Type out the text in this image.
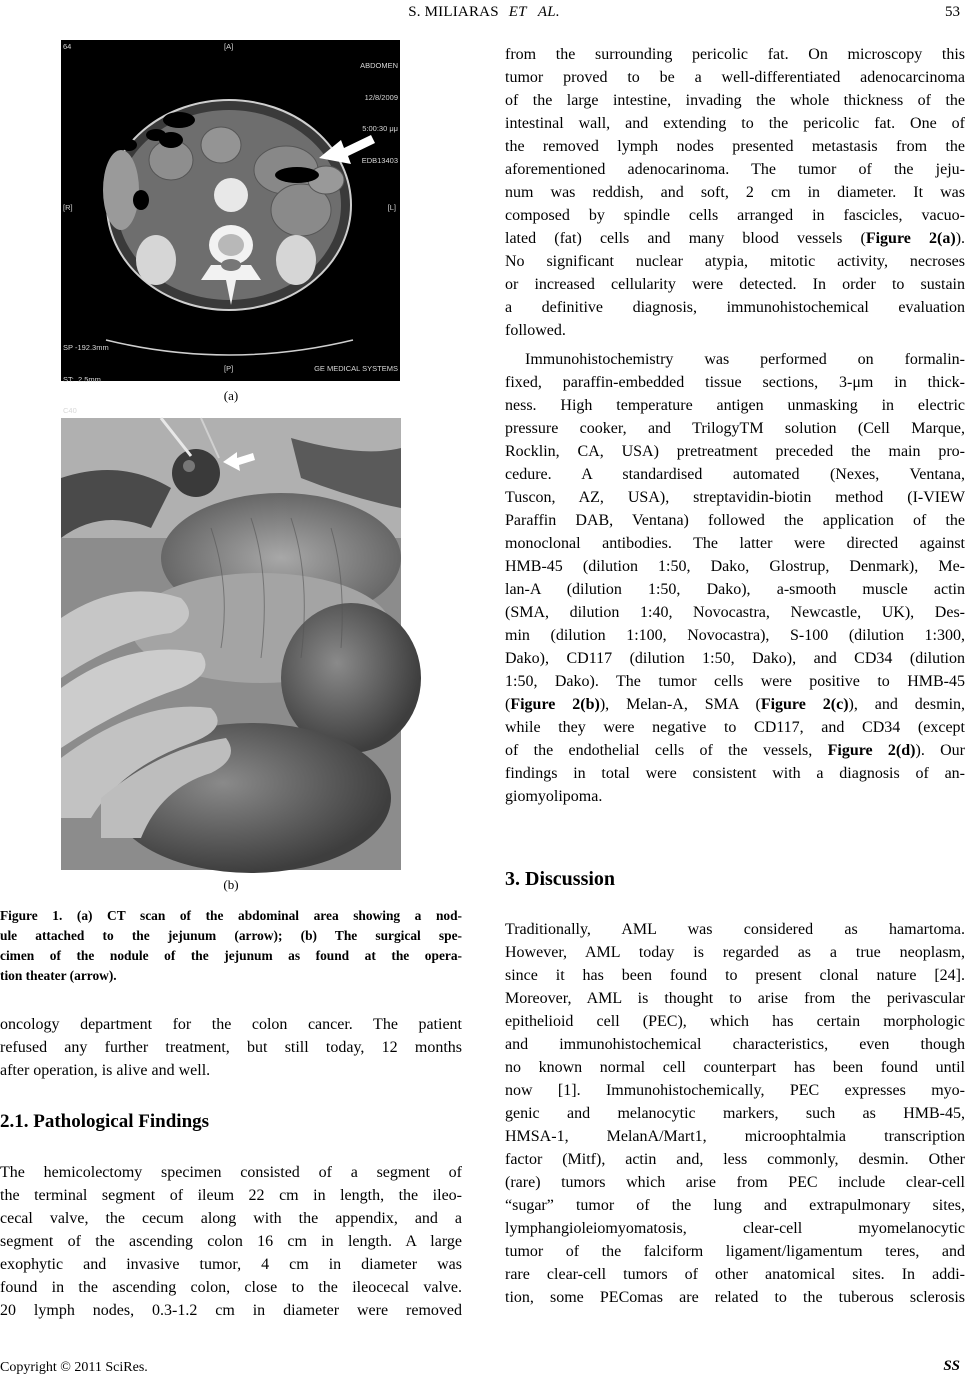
S. MILIARAS ET   AL.	53
64	[A]

ABDOMEN

12/8/2009

5:00:30 μμ

EDB13403

[R]	[L]

SP -192.3mm

ST:  2.5mm

C40

[P]	GE MEDICAL SYSTEMS
(a)
(b)
Figure 1. (a) CT scan of the abdominal area showing a nod-
ule attached to the jejunum (arrow); (b) The surgical spe-
cimen of the nodule of the jejunum as found at the opera-
tion theater (arrow).
oncology department for the colon cancer. The patient
refused any further treatment, but still today, 12 months
after operation, is alive and well.
2.1. Pathological Findings
The hemicolectomy specimen consisted of a segment of
the terminal segment of ileum 22 cm in length, the ileo-
cecal valve, the cecum along with the appendix, and a
segment of the ascending colon 16 cm in length. A large
exophytic and invasive tumor, 4 cm in diameter was
found in the ascending colon, close to the ileocecal valve.
20 lymph nodes, 0.3-1.2 cm in diameter were removed
from the surrounding pericolic fat. On microscopy this
tumor proved to be a well-differentiated adenocarcinoma
of the large intestine, invading the whole thickness of the
intestinal wall, and extending to the pericolic fat. One of
the removed lymph nodes presented metastasis from the
aforementioned adenocarinoma. The tumor of the jeju-
num was reddish, and soft, 2 cm in diameter. It was
composed by spindle cells arranged in fascicles, vacuo-
lated (fat) cells and many blood vessels (Figure 2(a)).
No significant nuclear atypia, mitotic activity, necroses
or increased cellularity were detected. In order to sustain
a definitive diagnosis, immunohistochemical evaluation
followed.
Immunohistochemistry was performed on formalin-
fixed, paraffin-embedded tissue sections, 3-μm in thick-
ness. High temperature antigen unmasking in electric
pressure cooker, and TrilogyTM solution (Cell Marque,
Rocklin, CA, USA) pretreatment preceded the main pro-
cedure. A standardised automated (Nexes, Ventana,
Tuscon, AZ, USA), streptavidin-biotin method (I-VIEW
Paraffin DAB, Ventana) followed the application of the
monoclonal antibodies. The latter were directed against
HMB-45 (dilution 1:50, Dako, Glostrup, Denmark), Me-
lan-A (dilution 1:50, Dako), a-smooth muscle actin
(SMA, dilution 1:40, Novocastra, Newcastle, UK), Des-
min (dilution 1:100, Novocastra), S-100 (dilution 1:300,
Dako), CD117 (dilution 1:50, Dako), and CD34 (dilution
1:50, Dako). The tumor cells were positive to HMB-45
(Figure 2(b)), Melan-A, SMA (Figure 2(c)), and desmin,
while they were negative to CD117, and CD34 (except
of the endothelial cells of the vessels, Figure 2(d)). Our
findings in total were consistent with a diagnosis of an-
giomyolipoma.
3. Discussion
Traditionally, AML was considered as hamartoma.
However, AML today is regarded as a true neoplasm,
since it has been found to present clonal nature [24].
Moreover, AML is thought to arise from the perivascular
epithelioid cell (PEC), which has certain morphologic
and immunohistochemical characteristics, even though
no known normal cell counterpart has been found until
now [1]. Immunohistochemically, PEC expresses myo-
genic and melanocytic markers, such as HMB-45,
HMSA-1, MelanA/Mart1, microophtalmia transcription
factor (Mitf), actin and, less commonly, desmin. Other
(rare) tumors which arise from PEC include clear-cell
“sugar” tumor of the lung and extrapulmonary sites,
lymphangioleiomyomatosis, clear-cell myomelanocytic
tumor of the falciform ligament/ligamentum teres, and
rare clear-cell tumors of other anatomical sites. In addi-
tion, some PEComas are related to the tuberous sclerosis
Copyright © 2011 SciRes.	SS
